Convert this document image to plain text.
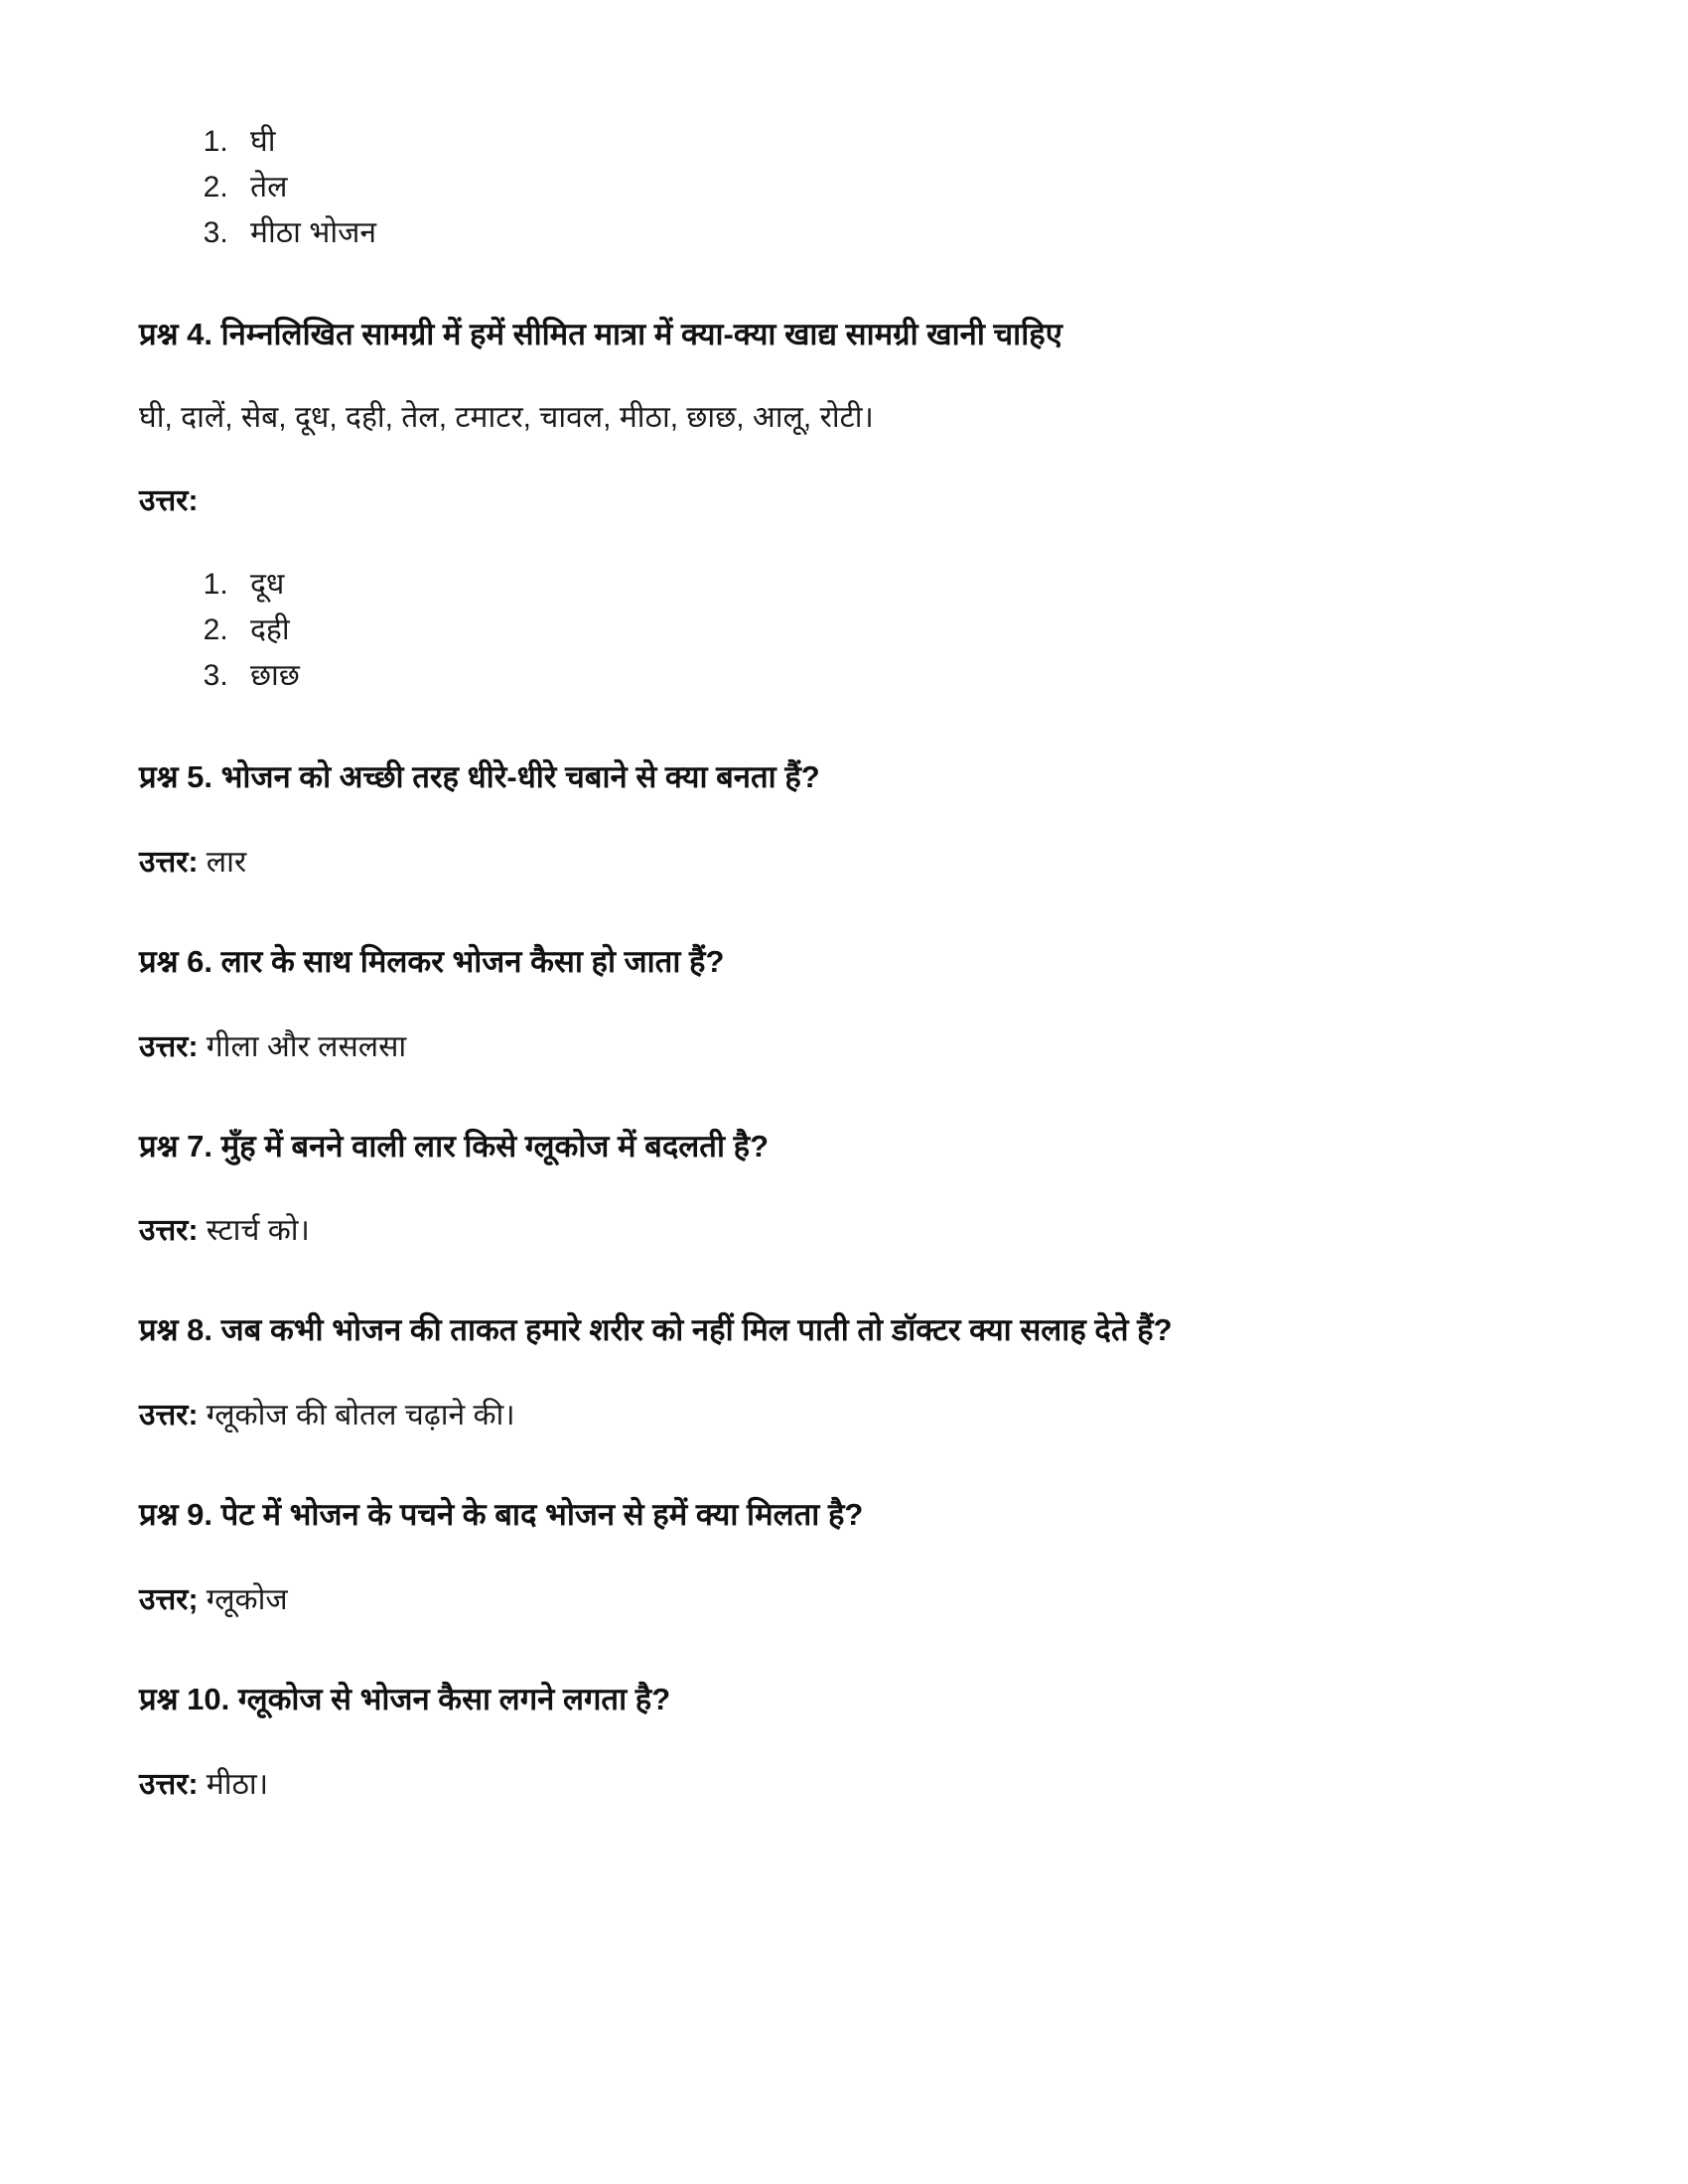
1. घी
2. तेल
3. मीठा भोजन

प्रश्न 4. निम्नलिखित सामग्री में हमें सीमित मात्रा में क्या-क्या खाद्य सामग्री खानी चाहिए

घी, दालें, सेब, दूध, दही, तेल, टमाटर, चावल, मीठा, छाछ, आलू, रोटी।

उत्तर:

1. दूध
2. दही
3. छाछ

प्रश्न 5. भोजन को अच्छी तरह धीरे-धीरे चबाने से क्या बनता हैं?

उत्तर: लार

प्रश्न 6. लार के साथ मिलकर भोजन कैसा हो जाता हैं?

उत्तर: गीला और लसलसा

प्रश्न 7. मुँह में बनने वाली लार किसे ग्लूकोज में बदलती है?

उत्तर: स्टार्च को।

प्रश्न 8. जब कभी भोजन की ताकत हमारे शरीर को नहीं मिल पाती तो डॉक्टर क्या सलाह देते हैं?

उत्तर: ग्लूकोज की बोतल चढ़ाने की।

प्रश्न 9. पेट में भोजन के पचने के बाद भोजन से हमें क्या मिलता है?

उत्तर; ग्लूकोज

प्रश्न 10. ग्लूकोज से भोजन कैसा लगने लगता है?

उत्तर: मीठा।
